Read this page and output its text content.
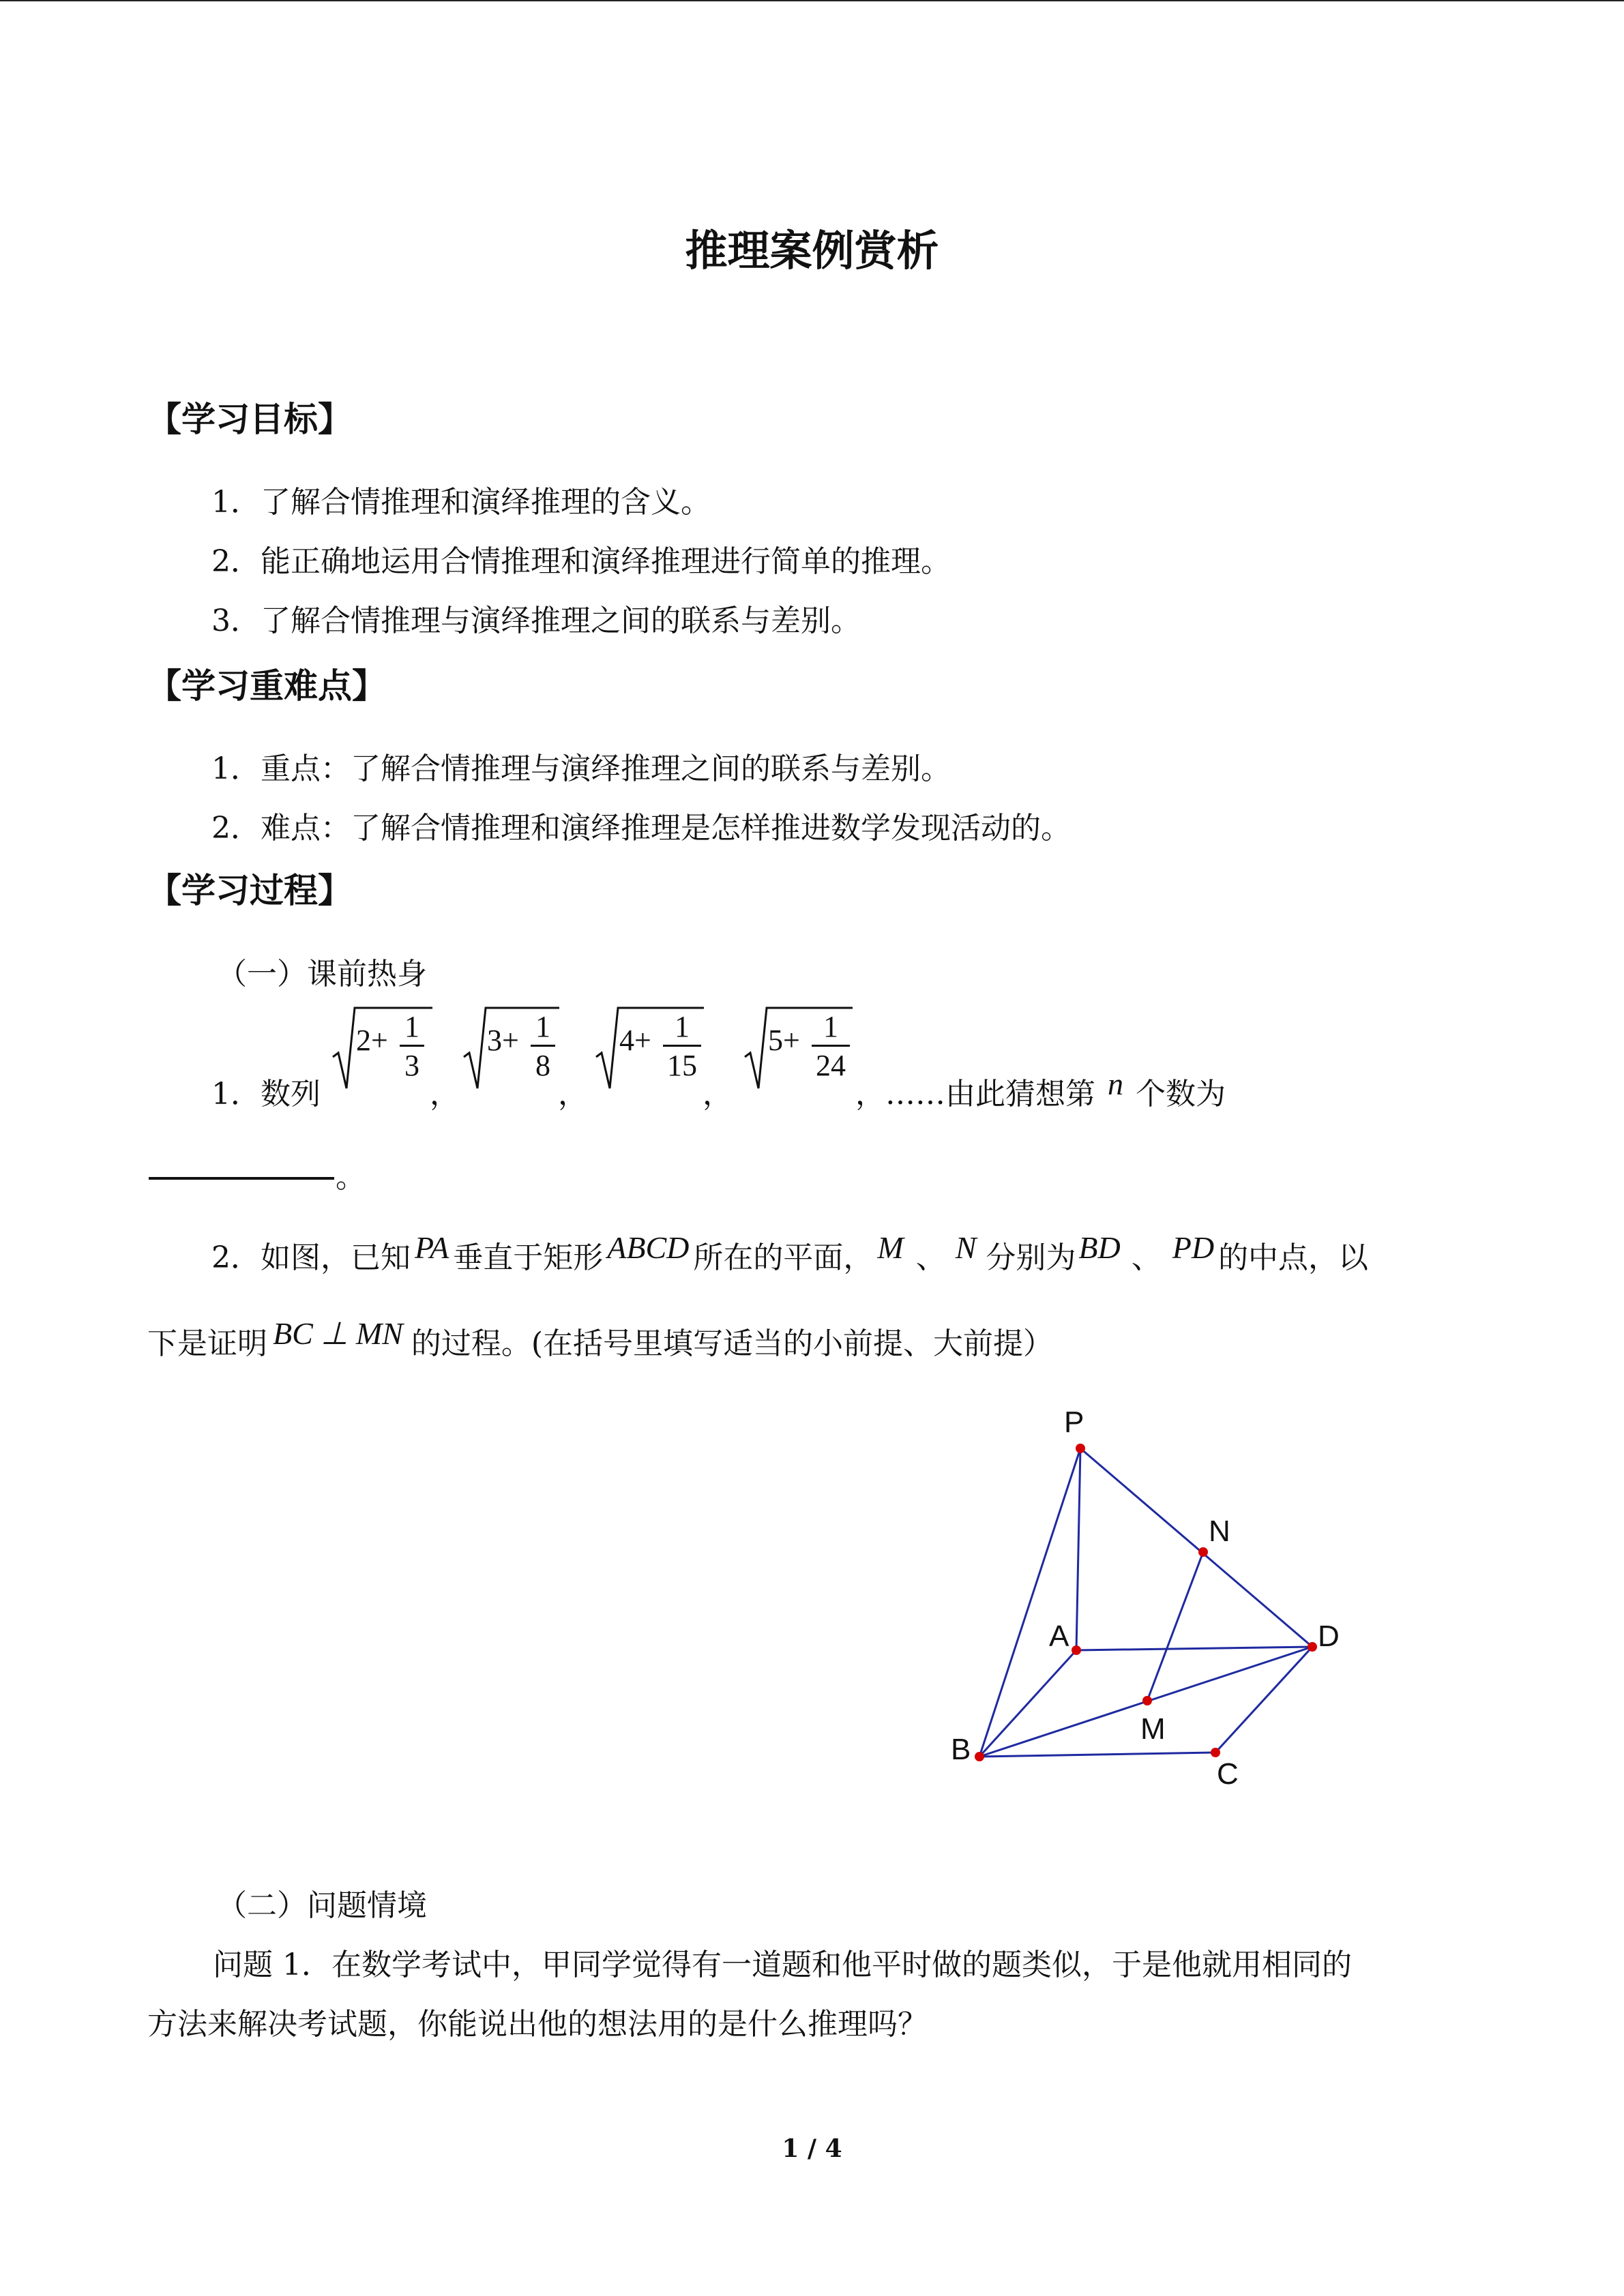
推理案例赏析
【学习目标】
1．了解合情推理和演绎推理的含义。
2．能正确地运用合情推理和演绎推理进行简单的推理。
3．了解合情推理与演绎推理之间的联系与差别。
【学习重难点】
1．重点：了解合情推理与演绎推理之间的联系与差别。
2．难点：了解合情推理和演绎推理是怎样推进数学发现活动的。
【学习过程】
（一）课前热身
1．数列
$2+ \frac{1}{3}$
，
$3+ \frac{1}{8}$
，
$4+ \frac{1}{15}$
，
$5+ \frac{1}{24}$
，……由此猜想第 n 个数为
。
2．如图，已知 PA 垂直于矩形 ABCD 所在的平面， M 、 N 分别为BD 、 PD 的中点，以
下是证明 BC ⊥ MN 的过程。(在括号里填写适当的小前提、大前提）
P
N
A	D
M
B
C
（二）问题情境
问题 1．在数学考试中，甲同学觉得有一道题和他平时做的题类似，于是他就用相同的
方法来解决考试题，你能说出他的想法用的是什么推理吗？
1 / 4
